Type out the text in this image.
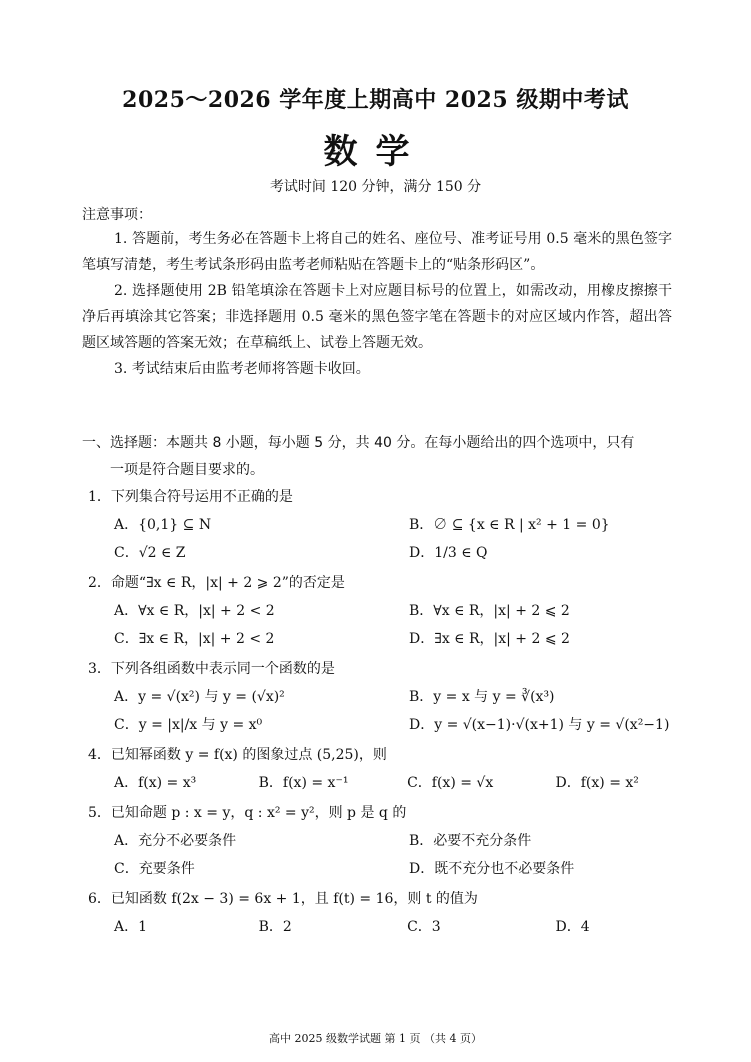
2025～2026 学年度上期高中 2025 级期中考试
数学
考试时间 120 分钟，满分 150 分
注意事项：
1. 答题前，考生务必在答题卡上将自己的姓名、座位号、准考证号用 0.5 毫米的黑色签字笔填写清楚，考生考试条形码由监考老师粘贴在答题卡上的“贴条形码区”。
2. 选择题使用 2B 铅笔填涂在答题卡上对应题目标号的位置上，如需改动，用橡皮擦擦干净后再填涂其它答案；非选择题用 0.5 毫米的黑色签字笔在答题卡的对应区域内作答，超出答题区域答题的答案无效；在草稿纸上、试卷上答题无效。
3. 考试结束后由监考老师将答题卡收回。
一、选择题：本题共 8 小题，每小题 5 分，共 40 分。在每小题给出的四个选项中，只有
一项是符合题目要求的。
1．下列集合符号运用不正确的是
A．{0,1} ⊆ N	B．∅ ⊆ {x ∈ R | x² + 1 = 0}
C．√2 ∈ Z	D．1/3 ∈ Q
2．命题“∃x ∈ R，|x| + 2 ⩾ 2”的否定是
A．∀x ∈ R，|x| + 2 < 2	B．∀x ∈ R，|x| + 2 ⩽ 2
C．∃x ∈ R，|x| + 2 < 2	D．∃x ∈ R，|x| + 2 ⩽ 2
3．下列各组函数中表示同一个函数的是
A．y = √(x²) 与 y = (√x)²	B．y = x 与 y = ∛(x³)
C．y = |x|/x 与 y = x⁰	D．y = √(x−1)·√(x+1) 与 y = √(x²−1)
4．已知幂函数 y = f(x) 的图象过点 (5,25)，则
A．f(x) = x³	B．f(x) = x⁻¹	C．f(x) = √x	D．f(x) = x²
5．已知命题 p : x = y，q : x² = y²，则 p 是 q 的
A．充分不必要条件	B．必要不充分条件
C．充要条件	D．既不充分也不必要条件
6．已知函数 f(2x − 3) = 6x + 1，且 f(t) = 16，则 t 的值为
A．1	B．2	C．3	D．4
高中 2025 级数学试题 第 1 页 （共 4 页）
